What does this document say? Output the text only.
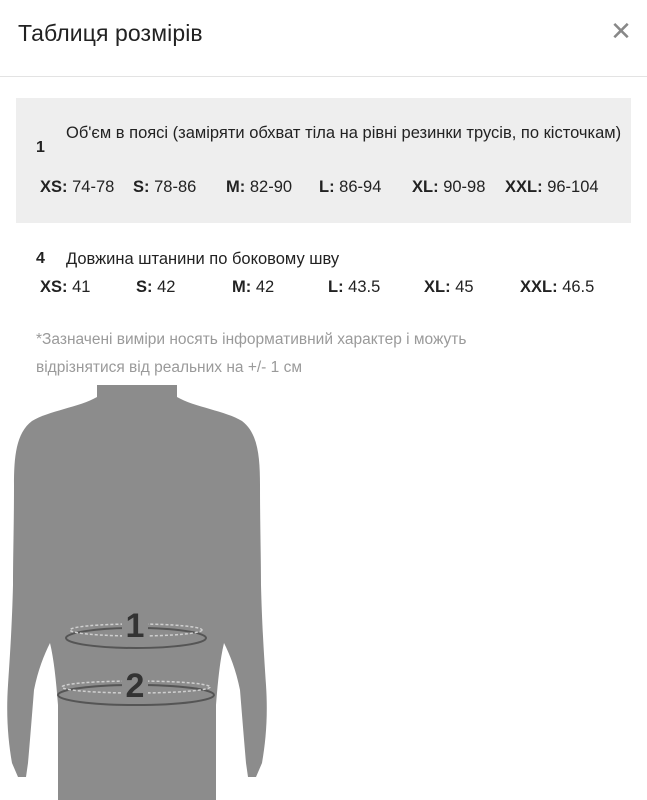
Таблиця розмірів	✕
1
Об'єм в поясі (заміряти обхват тіла на рівні резинки трусів, по кісточкам)
XS: 74-78 S: 78-86 M: 82-90 L: 86-94 XL: 90-98 XXL: 96-104
4 Довжина штанини по боковому шву
XS: 41	S: 42	M: 42	L: 43.5	XL: 45	XXL: 46.5
*Зазначені виміри носять інформативний характер і можуть відрізнятися від реальних на +/- 1 см
1
2
